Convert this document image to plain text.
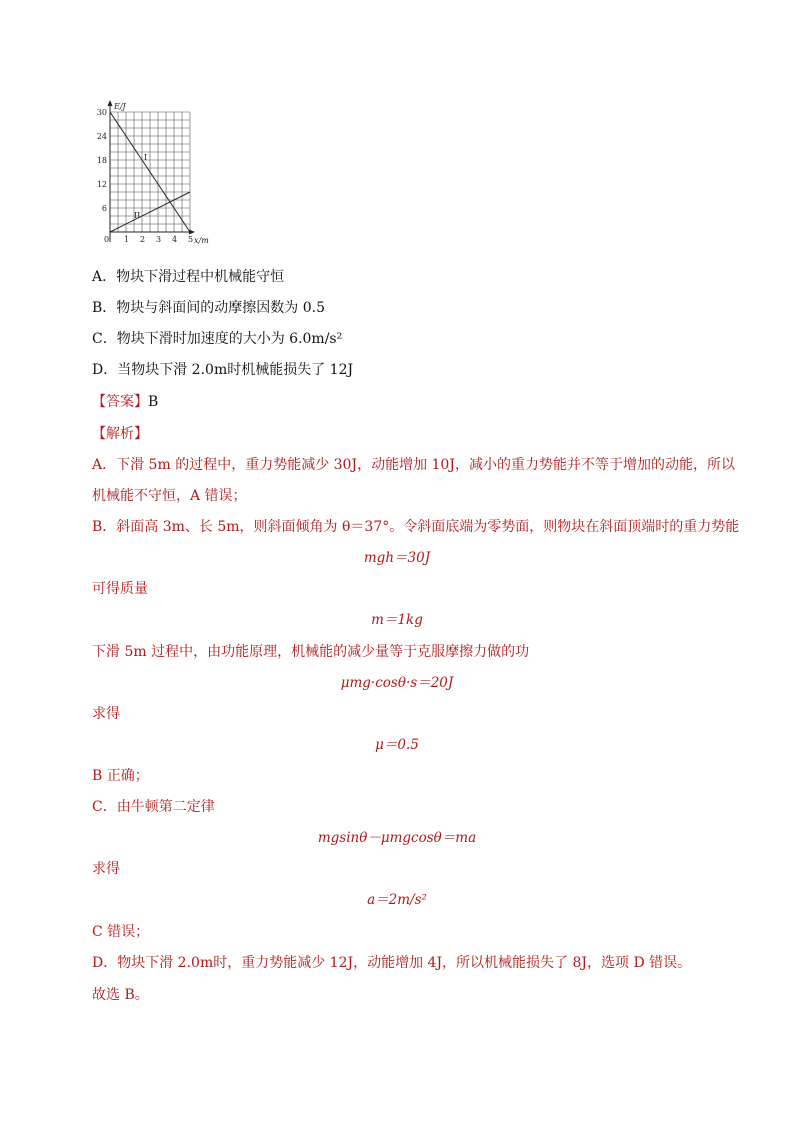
E/J
x/m
30
24
18
12
6
0 1 2 3 4 5
I
II
A．物块下滑过程中机械能守恒
B．物块与斜面间的动摩擦因数为 0.5
C．物块下滑时加速度的大小为 6.0m/s²
D．当物块下滑 2.0m时机械能损失了 12J
【答案】B
【解析】
A．下滑 5m 的过程中，重力势能减少 30J，动能增加 10J，减小的重力势能并不等于增加的动能，所以
机械能不守恒，A 错误；
B．斜面高 3m、长 5m，则斜面倾角为 θ＝37°。令斜面底端为零势面，则物块在斜面顶端时的重力势能
mgh＝30J
可得质量
m＝1kg
下滑 5m 过程中，由功能原理，机械能的减少量等于克服摩擦力做的功
μmg·cosθ·s＝20J
求得
μ＝0.5
B 正确；
C．由牛顿第二定律
mgsinθ－μmgcosθ＝ma
求得
a＝2m/s²
C 错误；
D．物块下滑 2.0m时，重力势能减少 12J，动能增加 4J，所以机械能损失了 8J，选项 D 错误。
故选 B。
